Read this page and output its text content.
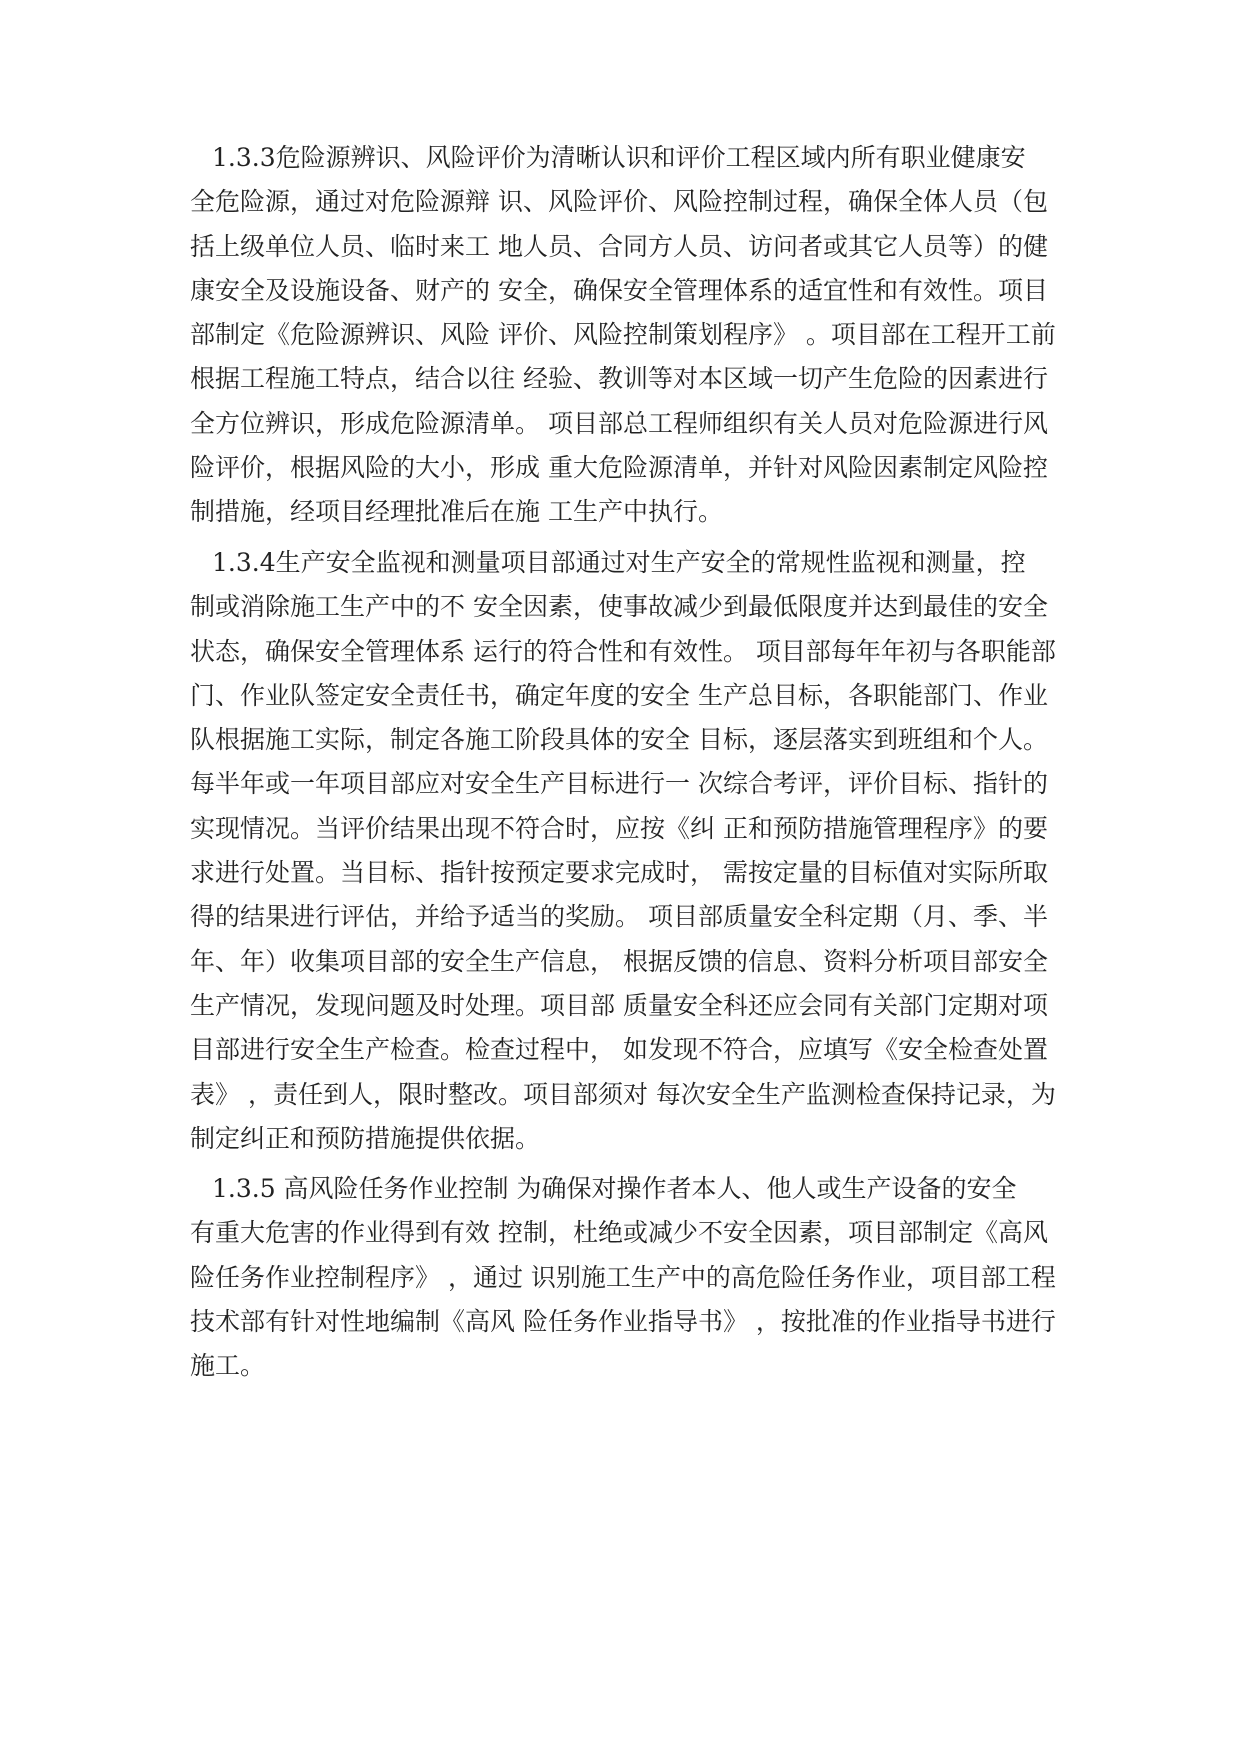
1.3.3危险源辨识、风险评价为清晰认识和评价工程区域内所有职业健康安
全危险源，通过对危险源辩 识、风险评价、风险控制过程，确保全体人员（包
括上级单位人员、临时来工 地人员、合同方人员、访问者或其它人员等）的健
康安全及设施设备、财产的 安全，确保安全管理体系的适宜性和有效性。项目
部制定《危险源辨识、风险 评价、风险控制策划程序》 。项目部在工程开工前
根据工程施工特点，结合以往 经验、教训等对本区域一切产生危险的因素进行
全方位辨识，形成危险源清单。 项目部总工程师组织有关人员对危险源进行风
险评价，根据风险的大小，形成 重大危险源清单，并针对风险因素制定风险控
制措施，经项目经理批准后在施 工生产中执行。
1.3.4生产安全监视和测量项目部通过对生产安全的常规性监视和测量，控
制或消除施工生产中的不 安全因素，使事故减少到最低限度并达到最佳的安全
状态，确保安全管理体系 运行的符合性和有效性。 项目部每年年初与各职能部
门、作业队签定安全责任书，确定年度的安全 生产总目标，各职能部门、作业
队根据施工实际，制定各施工阶段具体的安全 目标，逐层落实到班组和个人。
每半年或一年项目部应对安全生产目标进行一 次综合考评，评价目标、指针的
实现情况。当评价结果出现不符合时，应按《纠 正和预防措施管理程序》的要
求进行处置。当目标、指针按预定要求完成时， 需按定量的目标值对实际所取
得的结果进行评估，并给予适当的奖励。 项目部质量安全科定期（月、季、半
年、年）收集项目部的安全生产信息， 根据反馈的信息、资料分析项目部安全
生产情况，发现问题及时处理。项目部 质量安全科还应会同有关部门定期对项
目部进行安全生产检查。检查过程中， 如发现不符合，应填写《安全检查处置
表》 ，责任到人，限时整改。项目部须对 每次安全生产监测检查保持记录，为
制定纠正和预防措施提供依据。
1.3.5 高风险任务作业控制 为确保对操作者本人、他人或生产设备的安全
有重大危害的作业得到有效 控制，杜绝或减少不安全因素，项目部制定《高风
险任务作业控制程序》 ，通过 识别施工生产中的高危险任务作业，项目部工程
技术部有针对性地编制《高风 险任务作业指导书》 ，按批准的作业指导书进行
施工。
